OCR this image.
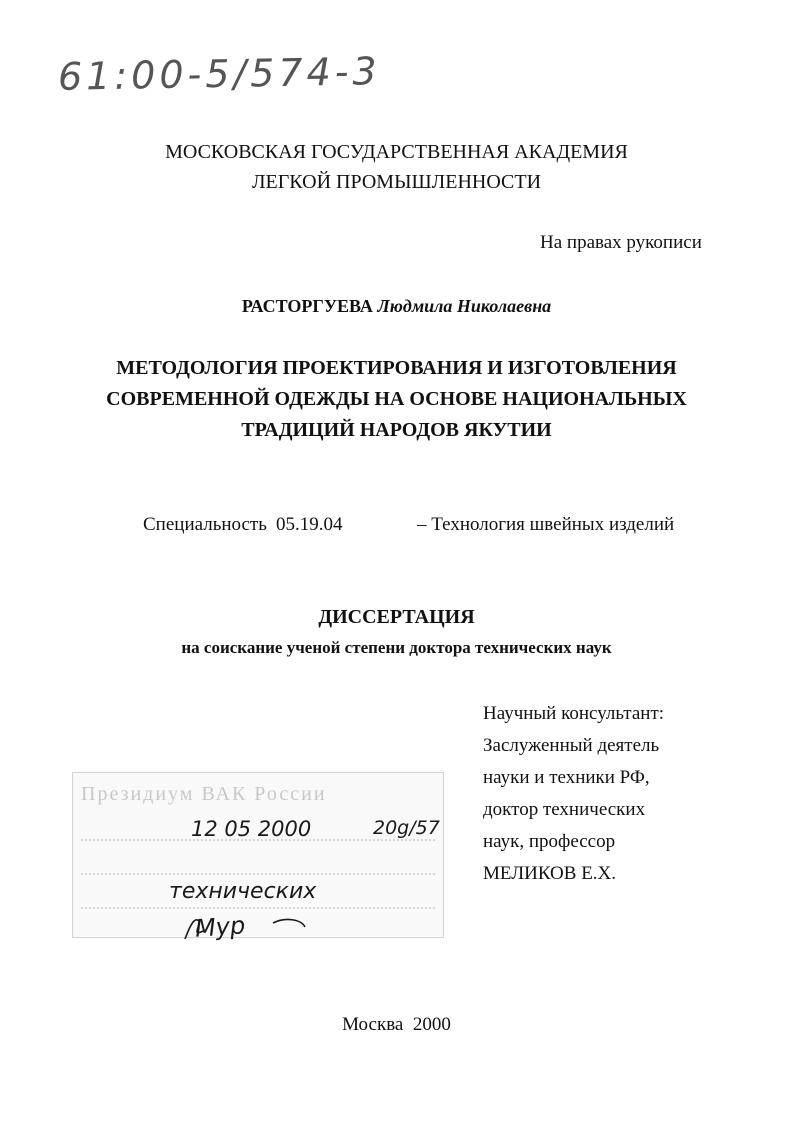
61:00-5/574-3
МОСКОВСКАЯ ГОСУДАРСТВЕННАЯ АКАДЕМИЯ
ЛЕГКОЙ ПРОМЫШЛЕННОСТИ
На правах рукописи
РАСТОРГУЕВА Людмила Николаевна
МЕТОДОЛОГИЯ ПРОЕКТИРОВАНИЯ И ИЗГОТОВЛЕНИЯ
СОВРЕМЕННОЙ ОДЕЖДЫ НА ОСНОВЕ НАЦИОНАЛЬНЫХ
ТРАДИЦИЙ НАРОДОВ ЯКУТИИ
Специальность 05.19.04	– Технология швейных изделий
ДИССЕРТАЦИЯ
на соискание ученой степени доктора технических наук
Научный консультант:
Заслуженный деятель
науки и техники РФ,
доктор технических
наук, профессор
МЕЛИКОВ Е.Х.
Президиум ВАК России
12 05 2000	20g/57
технических
Мур
Москва 2000
